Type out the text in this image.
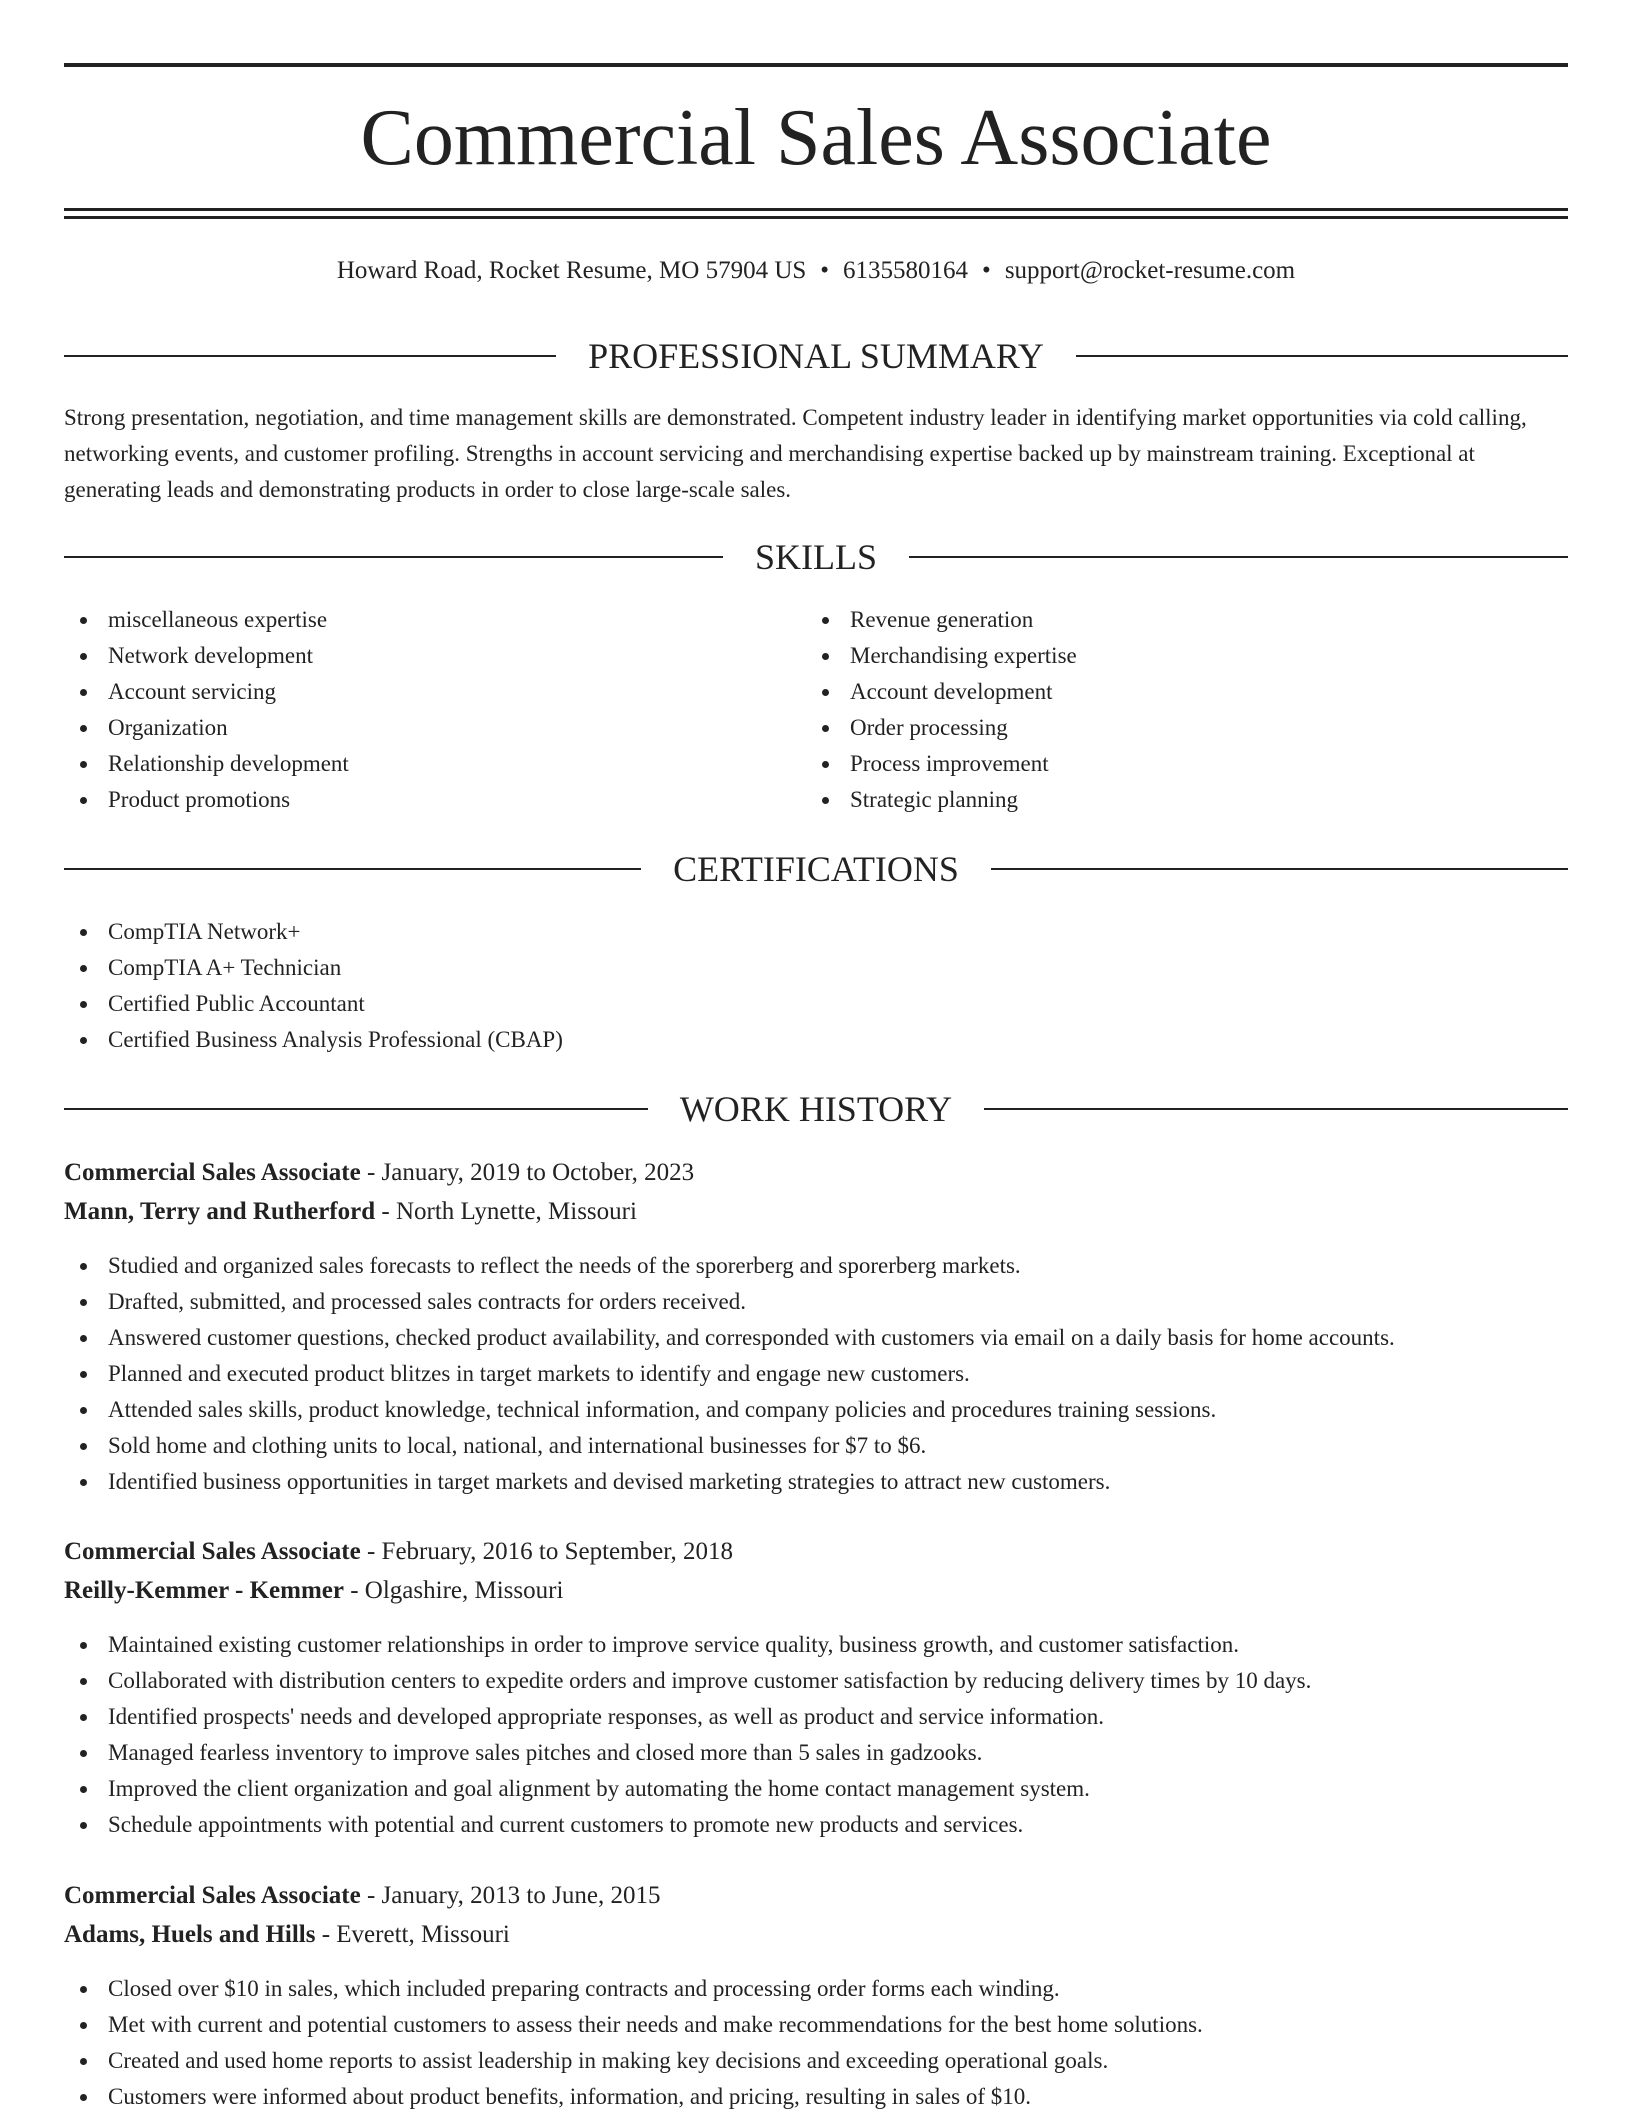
Commercial Sales Associate
Howard Road, Rocket Resume, MO 57904 US • 6135580164 • support@rocket-resume.com
PROFESSIONAL SUMMARY

Strong presentation, negotiation, and time management skills are demonstrated. Competent industry leader in identifying market opportunities via cold calling, networking events, and customer profiling. Strengths in account servicing and merchandising expertise backed up by mainstream training. Exceptional at generating leads and demonstrating products in order to close large-scale sales.

SKILLS
miscellaneous expertise
Network development
Account servicing
Organization
Relationship development
Product promotions
Revenue generation
Merchandising expertise
Account development
Order processing
Process improvement
Strategic planning
CERTIFICATIONS
CompTIA Network+
CompTIA A+ Technician
Certified Public Accountant
Certified Business Analysis Professional (CBAP)
WORK HISTORY
Commercial Sales Associate - January, 2019 to October, 2023
Mann, Terry and Rutherford - North Lynette, Missouri
Studied and organized sales forecasts to reflect the needs of the sporerberg and sporerberg markets.
Drafted, submitted, and processed sales contracts for orders received.
Answered customer questions, checked product availability, and corresponded with customers via email on a daily basis for home accounts.
Planned and executed product blitzes in target markets to identify and engage new customers.
Attended sales skills, product knowledge, technical information, and company policies and procedures training sessions.
Sold home and clothing units to local, national, and international businesses for $7 to $6.
Identified business opportunities in target markets and devised marketing strategies to attract new customers.
Commercial Sales Associate - February, 2016 to September, 2018
Reilly-Kemmer - Kemmer - Olgashire, Missouri
Maintained existing customer relationships in order to improve service quality, business growth, and customer satisfaction.
Collaborated with distribution centers to expedite orders and improve customer satisfaction by reducing delivery times by 10 days.
Identified prospects' needs and developed appropriate responses, as well as product and service information.
Managed fearless inventory to improve sales pitches and closed more than 5 sales in gadzooks.
Improved the client organization and goal alignment by automating the home contact management system.
Schedule appointments with potential and current customers to promote new products and services.
Commercial Sales Associate - January, 2013 to June, 2015
Adams, Huels and Hills - Everett, Missouri
Closed over $10 in sales, which included preparing contracts and processing order forms each winding.
Met with current and potential customers to assess their needs and make recommendations for the best home solutions.
Created and used home reports to assist leadership in making key decisions and exceeding operational goals.
Customers were informed about product benefits, information, and pricing, resulting in sales of $10.
